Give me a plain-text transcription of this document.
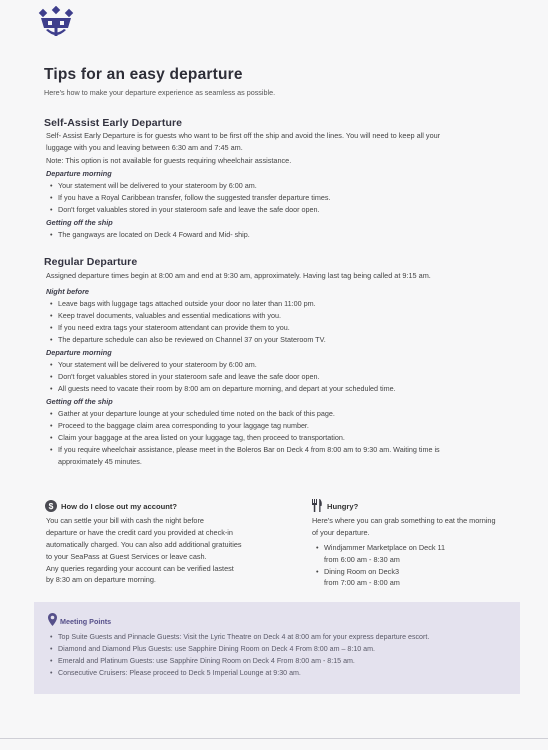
Tips for an easy departure
Here's how to make your departure experience as seamless as possible.
Self-Assist Early Departure
Self- Assist Early Departure is for guests who want to be first off the ship and avoid the lines. You will need to keep all your
luggage with you and leaving between 6:30 am and 7:45 am.
Note: This option is not available for guests requiring wheelchair assistance.
Departure morning
• Your statement will be delivered to your stateroom by 6:00 am.
• If you have a Royal Caribbean transfer, follow the suggested transfer departure times.
• Don't forget valuables stored in your stateroom safe and leave the safe door open.
Getting off the ship
• The gangways are located on Deck 4 Foward and Mid- ship.
Regular Departure
Assigned departure times begin at 8:00 am and end at 9:30 am, approximately. Having last tag being called at 9:15 am.
Night before
• Leave bags with luggage tags attached outside your door no later than 11:00 pm.
• Keep travel documents, valuables and essential medications with you.
• If you need extra tags your stateroom attendant can provide them to you.
• The departure schedule can also be reviewed on Channel 37 on your Stateroom TV.
Departure morning
• Your statement will be delivered to your stateroom by 6:00 am.
• Don't forget valuables stored in your stateroom safe and leave the safe door open.
• All guests need to vacate their room by 8:00 am on departure morning, and depart at your scheduled time.
Getting off the ship
• Gather at your departure lounge at your scheduled time noted on the back of this page.
• Proceed to the baggage claim area corresponding to your laggage tag number.
• Claim your baggage at the area listed on your luggage tag, then proceed to transportation.
• If you require wheelchair assistance, please meet in the Boleros Bar on Deck 4 from 8:00 am to 9:30 am. Waiting time is
approximately 45 minutes.
$ How do I close out my account?
You can settle your bill with cash the night before
departure or have the credit card you provided at check-in
automatically charged. You can also add additional gratuities
to your SeaPass at Guest Services or leave cash.
Any queries regarding your account can be verified lastest
by 8:30 am on departure morning.
Hungry?
Here's where you can grab something to eat the morning
of your departure.
• Windjammer Marketplace on Deck 11
from 6:00 am - 8:30 am
• Dining Room on Deck3
from 7:00 am - 8:00 am
Meeting Points
• Top Suite Guests and Pinnacle Guests: Visit the Lyric Theatre on Deck 4 at 8:00 am for your express departure escort.
• Diamond and Diamond Plus Guests: use Sapphire Dining Room on Deck 4 From 8:00 am – 8:10 am.
• Emerald and Platinum Guests: use Sapphire Dining Room on Deck 4 From 8:00 am - 8:15 am.
• Consecutive Cruisers: Please proceed to Deck 5 Imperial Lounge at 9:30 am.
